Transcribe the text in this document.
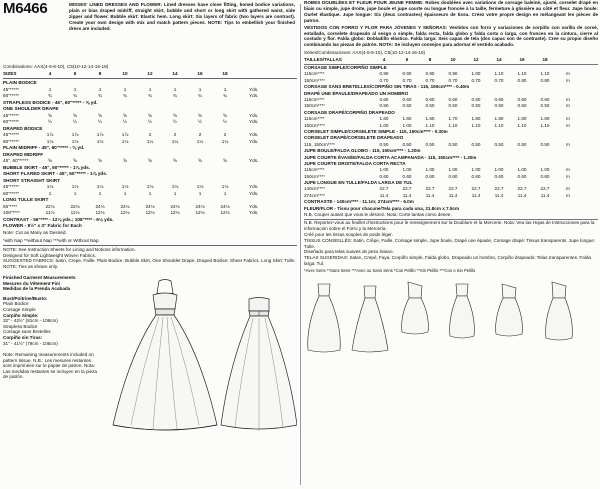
M6466	MISSES' LINED DRESSES AND FLOWER: Lined dresses have close fitting, boned bodice variations, plain or bias draped midriff, straight skirt, bubble and short or long skirt with gathered waist, side zipper and flower. Bubble skirt: Elastic hem. Long skirt: Six layers of fabric (two layers are contrast). Create your own design with mix and match pattern pieces. NOTE: Tips to embellish your finished dress are included.
Combinations: AAX(4-6-8-10), C5(10-12-14-16-18)
SIZES	4	6	8	10	12	14	16	18
PLAIN BODICE
45"*****	1	1	1	1	1	1	1	1	Yds.
60"*****	¾	¾	¾	¾	¾	¾	¾	¾	Yds.
STRAPLESS BODICE - 45", 60"***** - ⅝ yd.
ONE SHOULDER DRAPE
45"*****	⅝	⅝	⅝	⅝	⅝	⅝	⅝	⅝	Yds.
60"*****	½	½	½	½	½	½	½	½	Yds.
DRAPED BODICE
45"*****	1⅞	1⅞	1⅞	1⅞	2	2	2	2	Yds.
60"*****	1⅛	1⅛	1⅛	1⅛	1¼	1¼	1¼	1¼	Yds.
PLAIN MIDRIFF - 45", 60"***** - ⅜ yd.
DRAPED MIDRIFF
45", 60"*****	⅝	⅝	⅝	⅝	⅝	⅝	⅝	⅝	Yds.
BUBBLE SKIRT - 45", 60"***** - 1⅞ yds.
SHORT FLARED SKIRT - 45", 60"***** - 1⅞ yds.
SHORT STRAIGHT SKIRT
45"*****	1⅛	1⅛	1⅛	1⅛	1⅛	1⅛	1⅛	1⅛	Yds.
60"*****	1	1	1	1	1	1	1	1	Yds.
LONG TULLE SKIRT
56"****	22⅛	22⅛	24⅛	24⅛	24⅛	24⅛	24⅛	24⅛	Yds.
108"****	11⅛	11⅛	12⅛	12⅛	12⅛	12⅛	12⅛	12⅛	Yds.
CONTRAST - 56"**** - 12⅛ yds.; 108"**** - 6⅛ yds.
FLOWER - 8½" x 3" Fabric for Each
Note: Cut as Many as Desired.
*with Nap **without Nap ***with or Without Nap
NOTE: See Instruction Sheets for Lining and Notions information.
Designed for Soft Lightweight Woven Fabrics.
SUGGESTED FABRICS: Satin, Crepe, Faille. Plain Bodice, Bubble Skirt, One Shoulder Drape, Draped Bodice: Sheer Fabrics. Long Skirt: Tulle.
NOTE: Ties as shown only.
Finished Garment Measurements
Mesures du Vêtement Fini
Medidas de la Prenda Acabada
Bust/Poitrine/Busto:
Plain Bodice
Corsage Simple
Corpiño Simple:
32" - 42½" (81cm - 108cm)
Strapless Bodice
Corsage sans Bretelles
Corpiño sin Tiras:
31" - 41½" (79cm - 105cm)
Note: Remaining measurements included on pattern tissue. N.B.: Les mesures restantes sont imprimées sur le papier de patron. Nota: Las medidas restantes se incluyen en la pieza de patrón.
ROBES DOUBLÉES ET FLEUR POUR JEUNE FEMME: Robes doublées avec variations de corsage baleiné, ajusté, corselet drapé en biais ou simple, jupe droite, jupe boule et jupe courte ou longue froncée à la taille, fermeture à glissière au côté et fleur. Jupe boule: Ourlet élastique. Jupe longue: Six (deux contrastes) épaisseurs de tissu. Créez votre propre design en mélangeant les pièces de patron.
VESTIDOS CON FORRO Y FLOR PARA JÓVENES Y SEÑORAS: Vestidos con forro y variaciones de corpiño con varilla de corsé, entallado, corselete drapeado al sesgo o simple, falda recta, falda globo y falda corta o larga, con frunces en la cintura, cierre al costado y flor. Falda globo: Dobladillo elástico. Falda larga: Seis capas de tela (dos capas son de contraste). Cree su propio diseño combinando las piezas de patrón. NOTA: Se incluyen consejos para adornar el vestido acabado.
Séries/Combinaciones: AAX(4-6-8-10), C5(10-12-14-16-18)
TAILLES/TALLAS	4	6	8	10	12	14	16	18
CORSAGE SIMPLE/CORPIÑO SIMPLE
115cm****	0.90	0.90	0.90	0.90	1.00	1.10	1.10	1.10	m
150cm****	0.70	0.70	0.70	0.70	0.70	0.70	0.80	0.80	m
CORSAGE SANS BRETELLES/CORPIÑO SIN TIRAS - 115, 150cm**** - 0.40m
DRAPÉ UNE ÉPAULE/DRAPEADO UN HOMBRO
115cm****	0.60	0.60	0.60	0.60	0.60	0.60	0.60	0.60	m
150cm****	0.50	0.50	0.50	0.50	0.50	0.50	0.50	0.50	m
CORSAGE DRAPÉ/CORPIÑO DRAPEADO
115cm****	1.60	1.60	1.60	1.70	1.80	1.80	1.80	1.80	m
150cm****	1.00	1.00	1.10	1.10	1.10	1.10	1.10	1.10	m
CORSELET SIMPLE/CORSELETE SIMPLE - 115, 150cm**** - 0.30m
CORSELET DRAPÉ/CORSELETE DRAPEADO
115, 150cm****	0.50	0.50	0.50	0.50	0.50	0.50	0.50	0.50	m
JUPE BOULE/FALDA GLOBO - 115, 150cm**** - 1.20m
JUPE COURTE ÉVASÉE/FALDA CORTA ACAMPANADA - 115, 150cm**** - 1.20m
JUPE COURTE DROITE/FALDA CORTA RECTA
115cm****	1.00	1.00	1.00	1.00	1.00	1.00	1.00	1.00	m
150cm****	0.60	0.60	0.60	0.60	0.60	0.60	0.60	0.60	m
JUPE LONGUE EN TULLE/FALDA LARGA DE TUL
140cm****	22.7	22.7	22.7	22.7	22.7	22.7	22.7	22.7	m
274cm****	11.4	11.4	11.4	11.4	11.4	11.4	11.4	11.4	m
CONTRASTE - 140cm**** - 11.1m; 274cm**** - 6.0m
FLEUR/FLOR - Tissu pour chacune/Tela para cada una, 21.8cm x 7.5cm
N.B. Couper autant que vous le désirez. Nota: Corte tantas como desee.
N.B. Reportez-vous au feuillet d'instructions pour le renseignement sur la Doublure et la Mercerie. Nota: Vea las Hojas de Instrucciones para la información sobre el Forro y la Mercería.
Créé pour les tissus souples de poids léger.
TISSUS CONSEILLÉS: Satin, Crêpe, Faille. Corsage simple, Jupe boule, Drapé une épaule, Corsage drapé: Tissus transparents. Jupe longue: Tulle.
Diseñado para telas suaves de peso liviano.
TELAS SUGERIDAS: Saten, Crepé, Faya. Corpiño simple, Falda globo, Drapeado un hombro, Corpiño drapeado: Telas transparentes. Falda larga: Tul.
*Avec Sens **Sans Sens ***Avec ou Sans Sens *Con Pelillo **Sin Pelillo ***Con o Sin Pelillo
